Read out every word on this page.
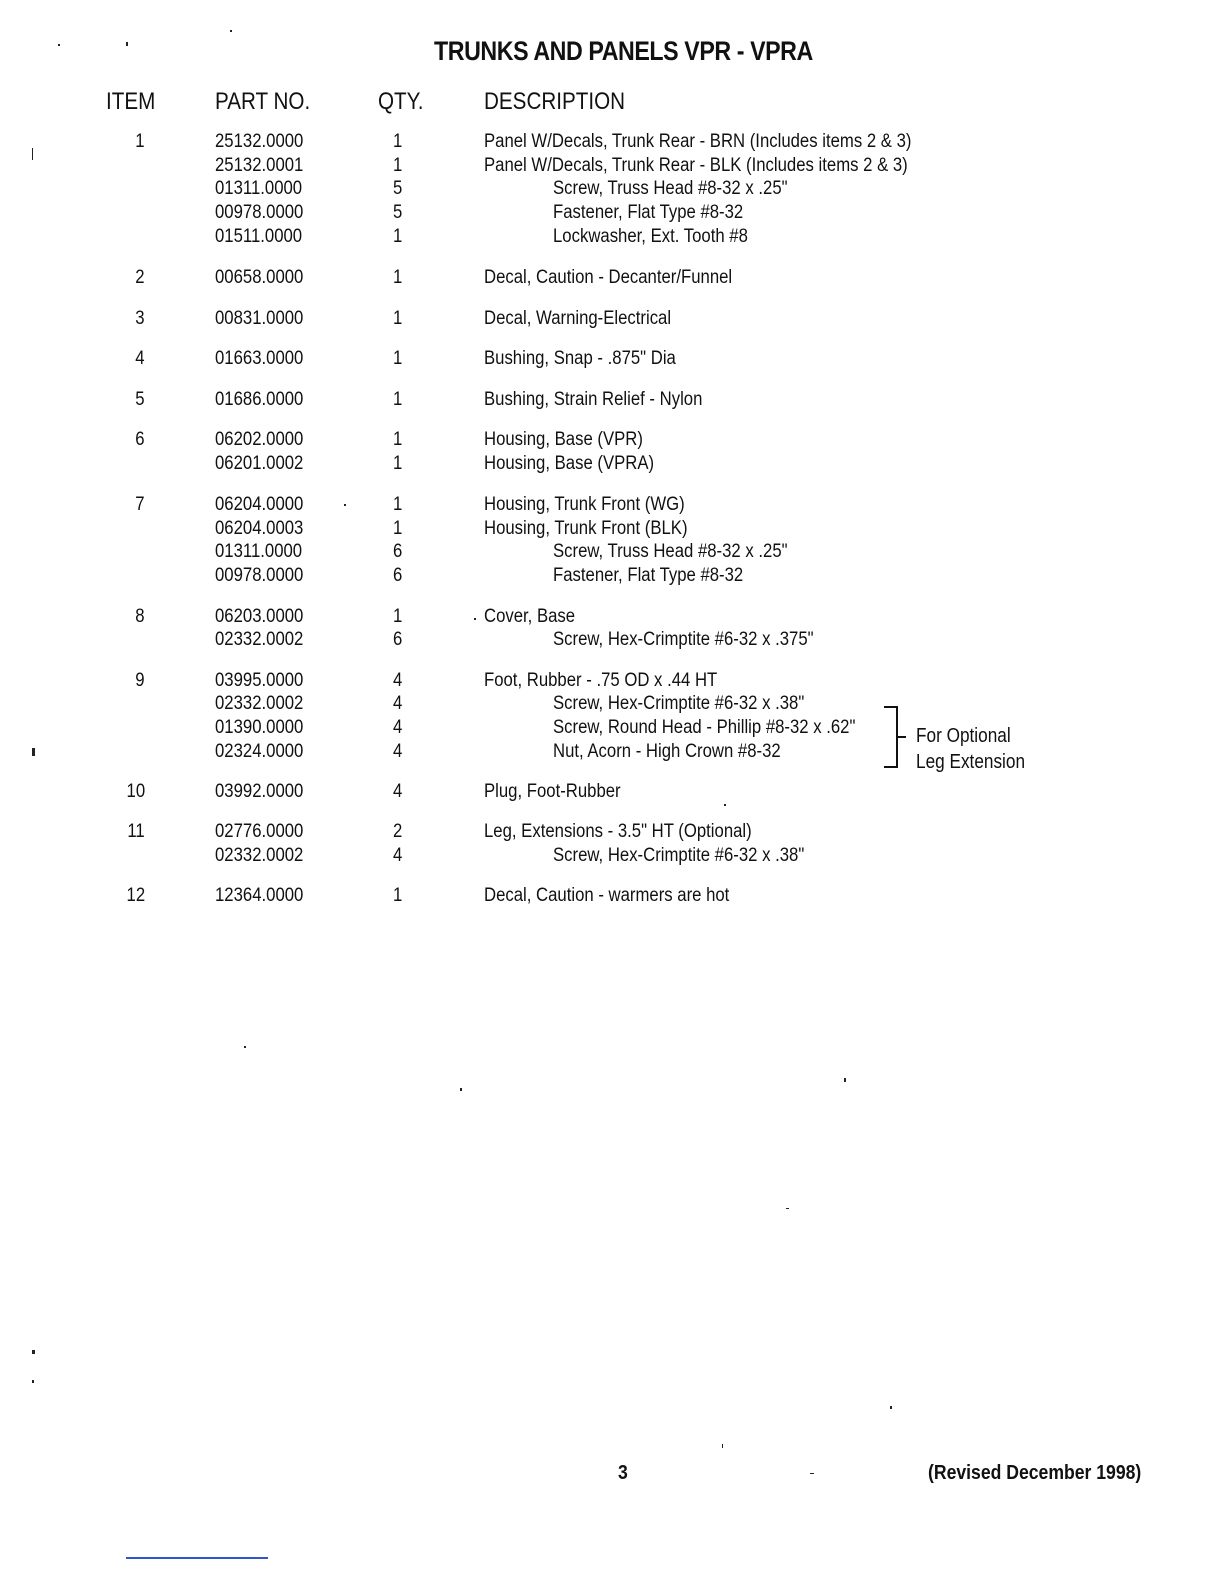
TRUNKS AND PANELS VPR - VPRA
ITEM PART NO.	QTY.	DESCRIPTION
1	25132.0000	1	Panel W/Decals, Trunk Rear - BRN (Includes items 2 & 3)
25132.0001	1	Panel W/Decals, Trunk Rear - BLK (Includes items 2 & 3)
01311.0000	5	Screw, Truss Head #8-32 x .25"
00978.0000	5	Fastener, Flat Type #8-32
01511.0000	1	Lockwasher, Ext. Tooth #8
2	00658.0000	1	Decal, Caution - Decanter/Funnel
3	00831.0000	1	Decal, Warning-Electrical
4	01663.0000	1	Bushing, Snap - .875" Dia
5	01686.0000	1	Bushing, Strain Relief - Nylon
6	06202.0000	1	Housing, Base (VPR)
06201.0002	1	Housing, Base (VPRA)
7	06204.0000	1	Housing, Trunk Front (WG)
06204.0003	1	Housing, Trunk Front (BLK)
01311.0000	6	Screw, Truss Head #8-32 x .25"
00978.0000	6	Fastener, Flat Type #8-32
8	06203.0000	1	Cover, Base
02332.0002	6	Screw, Hex-Crimptite #6-32 x .375"
9	03995.0000	4	Foot, Rubber - .75 OD x .44 HT
02332.0002	4	Screw, Hex-Crimptite #6-32 x .38"
01390.0000	4	Screw, Round Head - Phillip #8-32 x .62"
02324.0000	4	Nut, Acorn - High Crown #8-32
10	03992.0000	4	Plug, Foot-Rubber
11	02776.0000	2	Leg, Extensions - 3.5" HT (Optional)
02332.0002	4	Screw, Hex-Crimptite #6-32 x .38"
12	12364.0000	1	Decal, Caution - warmers are hot
For Optional
Leg Extension
3	(Revised December 1998)
